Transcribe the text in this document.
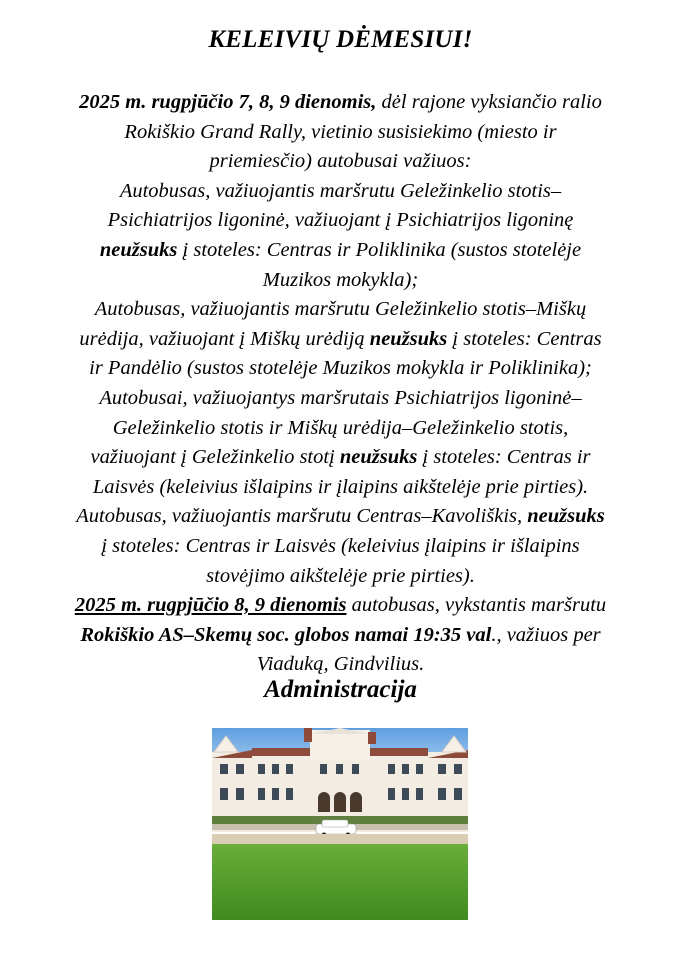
KELEIVIŲ DĖMESIUI!
2025 m. rugpjūčio 7, 8, 9 dienomis, dėl rajone vyksiančio ralio
Rokiškio Grand Rally, vietinio susisiekimo (miesto ir
priemiesčio) autobusai važiuos:
Autobusas, važiuojantis maršrutu Geležinkelio stotis–
Psichiatrijos ligoninė, važiuojant į Psichiatrijos ligoninę
neužsuks į stoteles: Centras ir Poliklinika (sustos stotelėje
Muzikos mokykla);
Autobusas, važiuojantis maršrutu Geležinkelio stotis–Miškų
urėdija, važiuojant į Miškų urėdiją neužsuks į stoteles: Centras
ir Pandėlio (sustos stotelėje Muzikos mokykla ir Poliklinika);
Autobusai, važiuojantys maršrutais Psichiatrijos ligoninė–
Geležinkelio stotis ir Miškų urėdija–Geležinkelio stotis,
važiuojant į Geležinkelio stotį neužsuks į stoteles: Centras ir
Laisvės (keleivius išlaipins ir įlaipins aikštelėje prie pirties).
Autobusas, važiuojantis maršrutu Centras–Kavoliškis, neužsuks
į stoteles: Centras ir Laisvės (keleivius įlaipins ir išlaipins
stovėjimo aikštelėje prie pirties).
2025 m. rugpjūčio 8, 9 dienomis autobusas, vykstantis maršrutu
Rokiškio AS–Skemų soc. globos namai 19:35 val., važiuos per
Viaduką, Gindvilius.
Administracija
